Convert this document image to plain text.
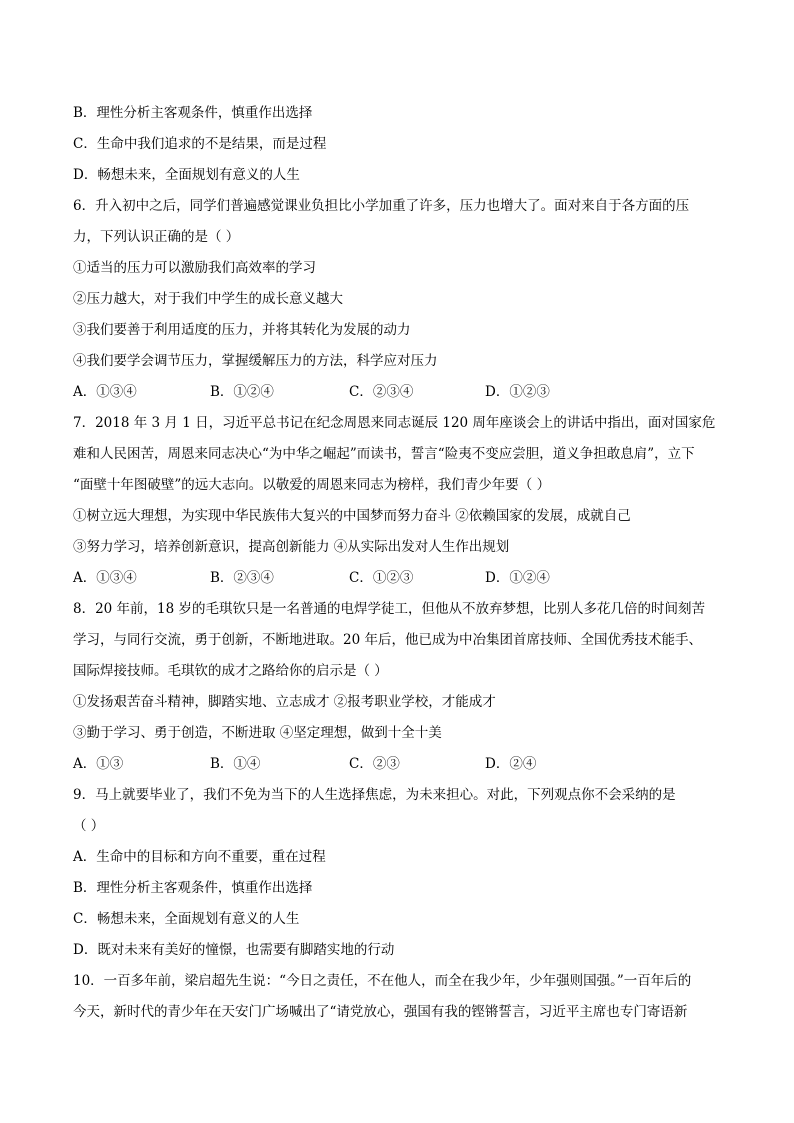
B．理性分析主客观条件，慎重作出选择
C．生命中我们追求的不是结果，而是过程
D．畅想未来，全面规划有意义的人生
6．升入初中之后，同学们普遍感觉课业负担比小学加重了许多，压力也增大了。面对来自于各方面的压
力，下列认识正确的是（ ）
①适当的压力可以激励我们高效率的学习
②压力越大，对于我们中学生的成长意义越大
③我们要善于利用适度的压力，并将其转化为发展的动力
④我们要学会调节压力，掌握缓解压力的方法，科学应对压力
A．①③④	B．①②④	C．②③④	D．①②③
7．2018 年 3 月 1 日，习近平总书记在纪念周恩来同志诞辰 120 周年座谈会上的讲话中指出，面对国家危
难和人民困苦，周恩来同志决心“为中华之崛起”而读书，誓言“险夷不变应尝胆，道义争担敢息肩”，立下
“面壁十年图破壁”的远大志向。以敬爱的周恩来同志为榜样，我们青少年要（ ）
①树立远大理想，为实现中华民族伟大复兴的中国梦而努力奋斗 ②依赖国家的发展，成就自己
③努力学习，培养创新意识，提高创新能力 ④从实际出发对人生作出规划
A．①③④	B．②③④	C．①②③	D．①②④
8．20 年前，18 岁的毛琪钦只是一名普通的电焊学徒工，但他从不放弃梦想，比别人多花几倍的时间刻苦
学习，与同行交流，勇于创新，不断地进取。20 年后，他已成为中冶集团首席技师、全国优秀技术能手、
国际焊接技师。毛琪钦的成才之路给你的启示是（ ）
①发扬艰苦奋斗精神，脚踏实地、立志成才 ②报考职业学校，才能成才
③勤于学习、勇于创造，不断进取 ④坚定理想，做到十全十美
A．①③	B．①④	C．②③	D．②④
9．马上就要毕业了，我们不免为当下的人生选择焦虑，为未来担心。对此，下列观点你不会采纳的是
（ ）
A．生命中的目标和方向不重要，重在过程
B．理性分析主客观条件，慎重作出选择
C．畅想未来，全面规划有意义的人生
D．既对未来有美好的憧憬，也需要有脚踏实地的行动
10．一百多年前，梁启超先生说：“今日之责任，不在他人，而全在我少年，少年强则国强。”一百年后的
今天，新时代的青少年在天安门广场喊出了“请党放心，强国有我的铿锵誓言，习近平主席也专门寄语新
